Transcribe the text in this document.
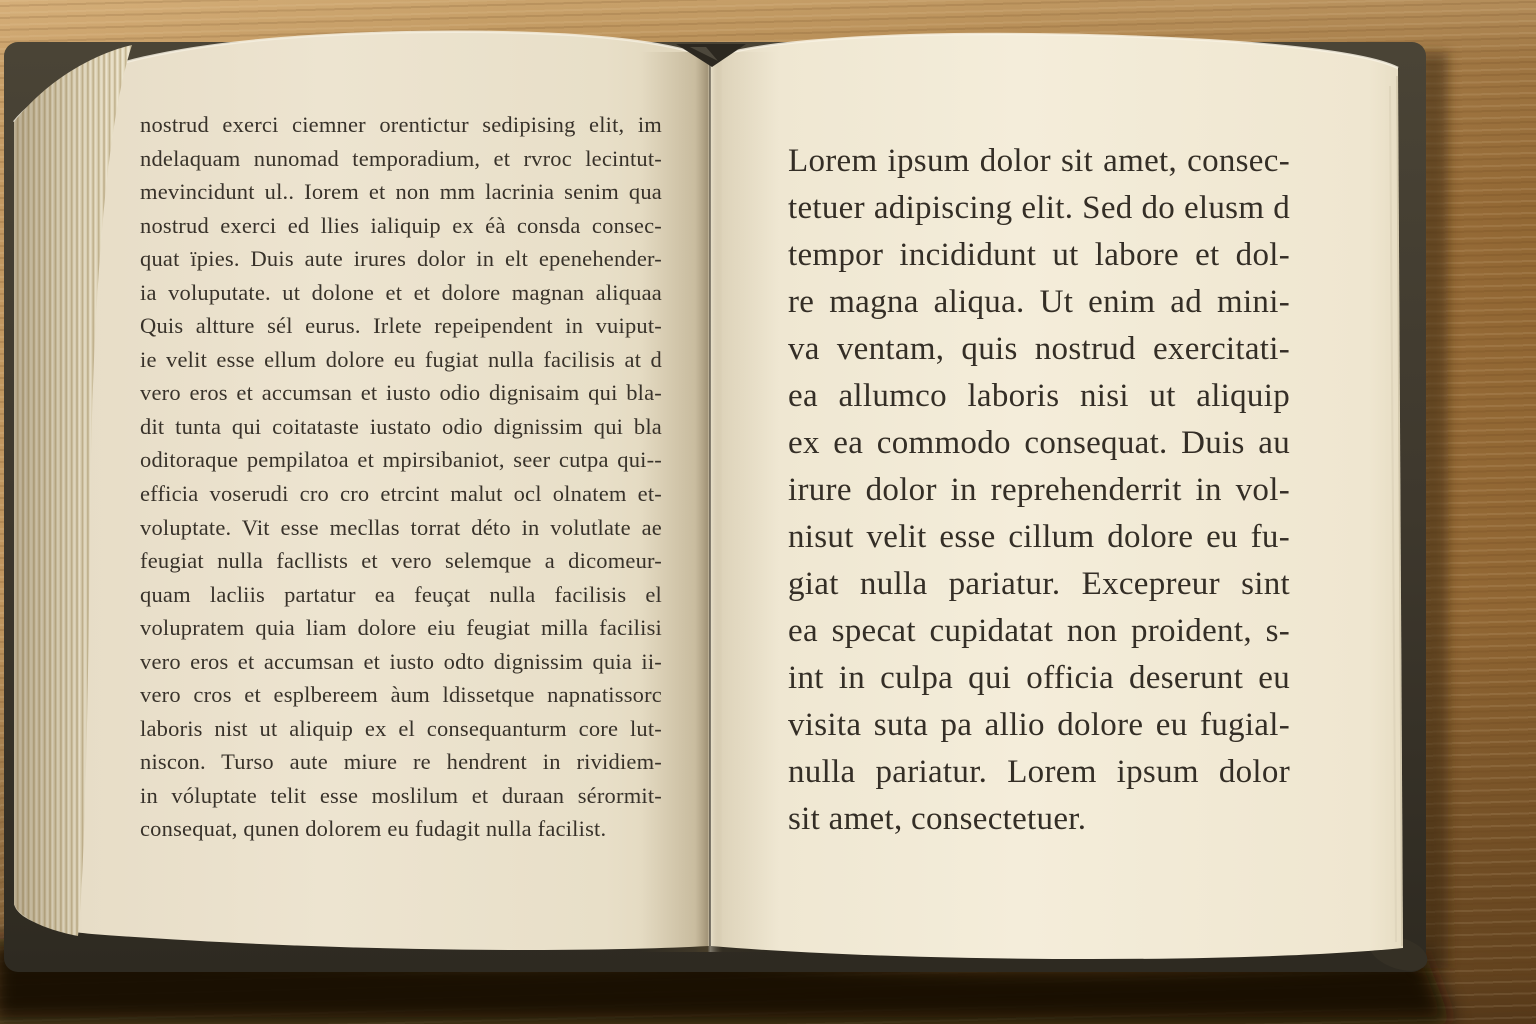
nostrud exerci ciemner orentictur sedipising elit, im
ndelaquam nunomad temporadium, et rvroc lecintut-
mevincidunt ul.. Iorem et non mm lacrinia senim qua
nostrud exerci ed llies ialiquip ex éà consda consec-
quat ïpies. Duis aute irures dolor in elt epenehender-
ia voluputate. ut dolone et et dolore magnan aliquaa
Quis altture sél eurus. Irlete repeipendent in vuiput-
ie velit esse ellum dolore eu fugiat nulla facilisis at d
vero eros et accumsan et iusto odio dignisaim qui bla-
dit tunta qui coitataste iustato odio dignissim qui bla
oditoraque pempilatoa et mpirsibaniot, seer cutpa qui--
efficia voserudi cro cro etrcint malut ocl olnatem et-
voluptate. Vit esse mecllas torrat déto in volutlate ae
feugiat nulla facllists et vero selemque a dicomeur-
quam lacliis partatur ea feuçat nulla facilisis el
volupratem quia liam dolore eiu feugiat milla facilisi
vero eros et accumsan et iusto odto dignissim quia ii-
vero cros et esplbereem àum ldissetque napnatissorc
laboris nist ut aliquip ex el consequanturm core lut-
niscon. Turso aute miure re hendrent in rividiem-
in vóluptate telit esse moslilum et duraan sérormit-
consequat, qunen dolorem eu fudagit nulla facilist.
Lorem ipsum dolor sit amet, consec-
tetuer adipiscing elit. Sed do elusm d
tempor incididunt ut labore et dol-
re magna aliqua. Ut enim ad mini-
va ventam, quis nostrud exercitati-
ea allumco laboris nisi ut aliquip
ex ea commodo consequat. Duis au
irure dolor in reprehenderrit in vol-
nisut velit esse cillum dolore eu fu-
giat nulla pariatur. Excepreur sint
ea specat cupidatat non proident, s-
int in culpa qui officia deserunt eu
visita suta pa allio dolore eu fugial-
nulla pariatur. Lorem ipsum dolor
sit amet, consectetuer.
